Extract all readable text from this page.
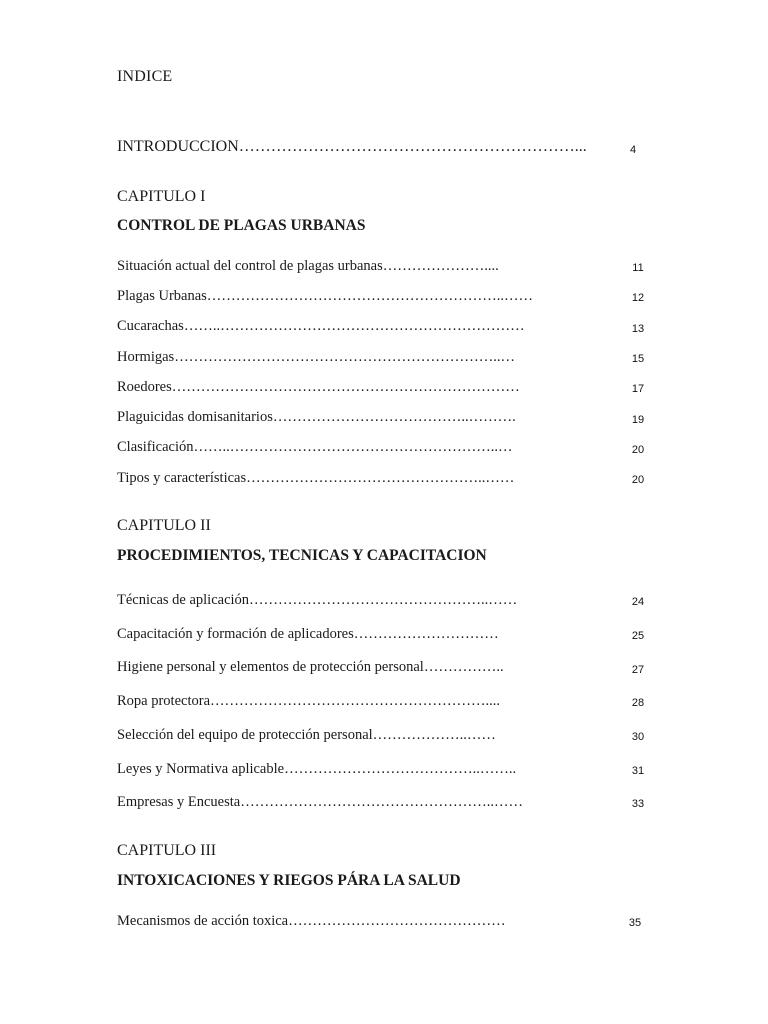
INDICE
INTRODUCCION………………………………………………………...	4
CAPITULO I
CONTROL DE PLAGAS URBANAS
Situación actual del control de plagas urbanas…………………....	11
Plagas Urbanas……………………………………………………..……	12
Cucarachas……..………………………………………………………	13
Hormigas…………………………………………………………..…	15
Roedores………………………………………………………………	17
Plaguicidas domisanitarios…………………………………..……….	19
Clasificación……..………………………………………………..…	20
Tipos y características…………………………………………..……	20
CAPITULO II
PROCEDIMIENTOS, TECNICAS Y CAPACITACION
Técnicas de aplicación…………………………………………..……	24
Capacitación y formación de aplicadores…………………………	25
Higiene personal y elementos de protección personal……………..	27
Ropa protectora…………………………………………………....	28
Selección del equipo de protección personal………………..……	30
Leyes y Normativa aplicable…………………………………..……..	31
Empresas y Encuesta……………………………………………..……	33
CAPITULO III
INTOXICACIONES Y RIEGOS PÁRA LA SALUD
Mecanismos de acción toxica………………………………………	35
